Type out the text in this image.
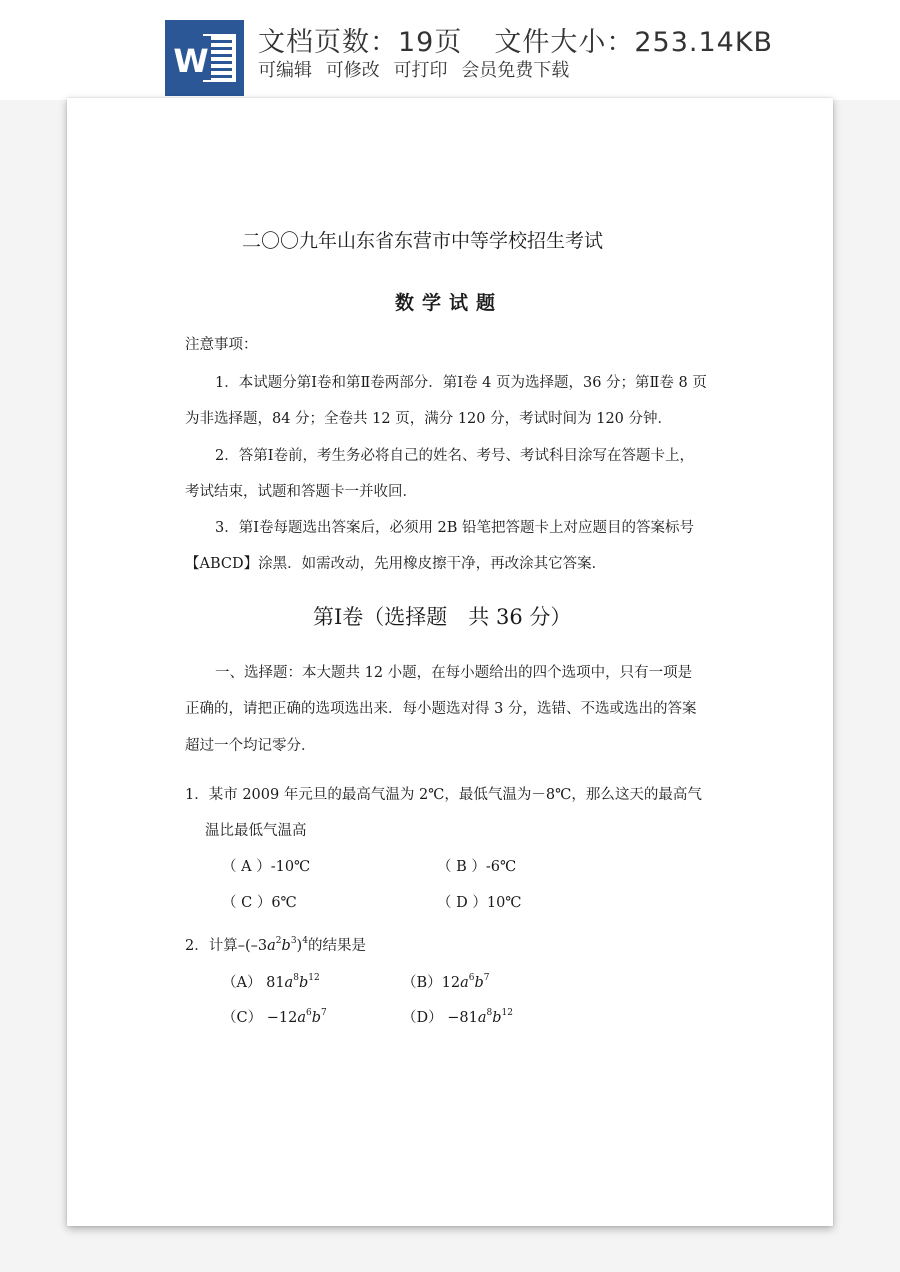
W 文档页数：19页 文件大小：253.14KB
可编辑 可修改 可打印 会员免费下载
二〇〇九年山东省东营市中等学校招生考试
数学试题
注意事项：
1．本试题分第Ⅰ卷和第Ⅱ卷两部分．第Ⅰ卷 4 页为选择题，36 分；第Ⅱ卷 8 页
为非选择题，84 分；全卷共 12 页，满分 120 分，考试时间为 120 分钟．
2．答第Ⅰ卷前，考生务必将自己的姓名、考号、考试科目涂写在答题卡上，
考试结束，试题和答题卡一并收回．
3．第Ⅰ卷每题选出答案后，必须用 2B 铅笔把答题卡上对应题目的答案标号
【ABCD】涂黑．如需改动，先用橡皮擦干净，再改涂其它答案．
第Ⅰ卷（选择题　共 36 分）
一、选择题：本大题共 12 小题，在每小题给出的四个选项中，只有一项是
正确的，请把正确的选项选出来．每小题选对得 3 分，选错、不选或选出的答案
超过一个均记零分．
1．某市 2009 年元旦的最高气温为 2℃，最低气温为－8℃，那么这天的最高气
温比最低气温高
（ A ）-10℃	（ B ）-6℃
（ C ）6℃	（ D ）10℃
2．计算$-(-3a^2b^3)^4$的结果是
（A） $81a^8b^{12}$	$(B)12a^6b^7$
$(C) -12a^6b^7$	$(D) -81a^8b^{12}$
